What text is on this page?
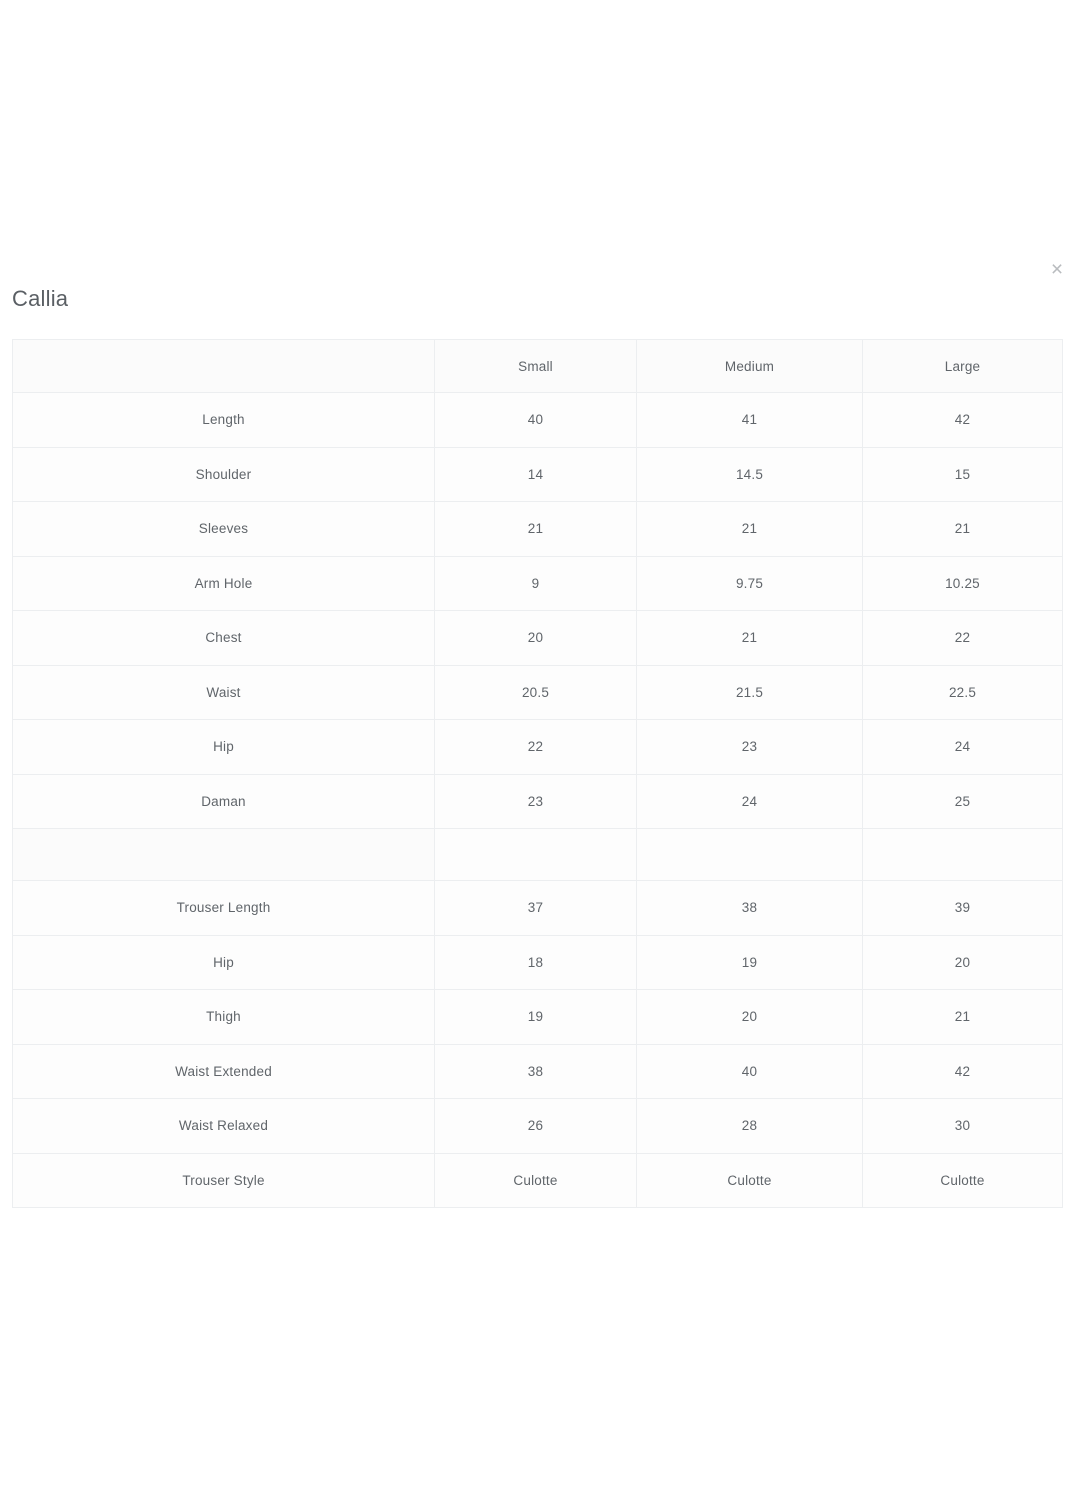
×
Callia
	Small	Medium	Large
Length	40	41	42
Shoulder	14	14.5	15
Sleeves	21	21	21
Arm Hole	9	9.75	10.25
Chest	20	21	22
Waist	20.5	21.5	22.5
Hip	22	23	24
Daman	23	24	25

Trouser Length	37	38	39
Hip	18	19	20
Thigh	19	20	21
Waist Extended	38	40	42
Waist Relaxed	26	28	30
Trouser Style	Culotte	Culotte	Culotte
